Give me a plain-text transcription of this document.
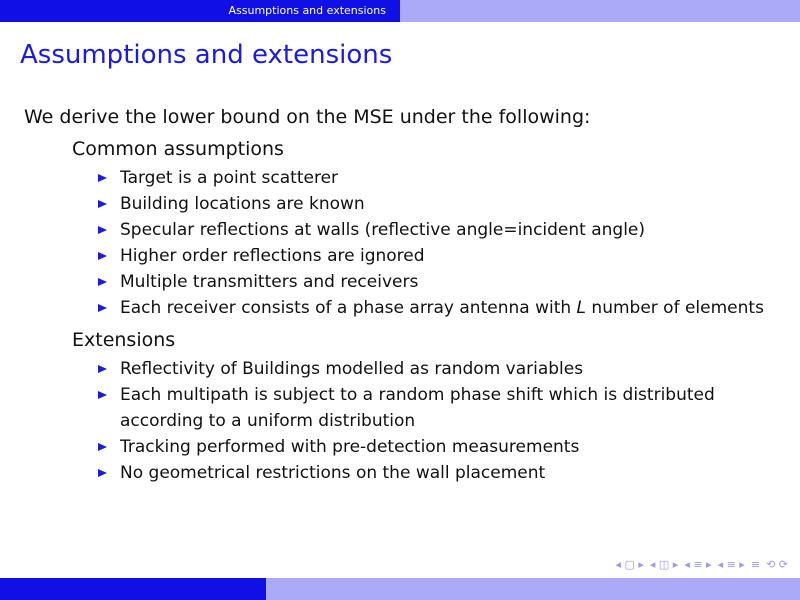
Assumptions and extensions
Assumptions and extensions
We derive the lower bound on the MSE under the following:
Common assumptions
Target is a point scatterer
Building locations are known
Specular reflections at walls (reflective angle=incident angle)
Higher order reflections are ignored
Multiple transmitters and receivers
Each receiver consists of a phase array antenna with L number of elements
Extensions
Reflectivity of Buildings modelled as random variables
Each multipath is subject to a random phase shift which is distributed according to a uniform distribution
Tracking performed with pre-detection measurements
No geometrical restrictions on the wall placement
◂ ▢ ▸ ◂ ◫ ▸ ◂ ≡ ▸ ◂ ≡ ▸ ≡ ⟲ ⟳
